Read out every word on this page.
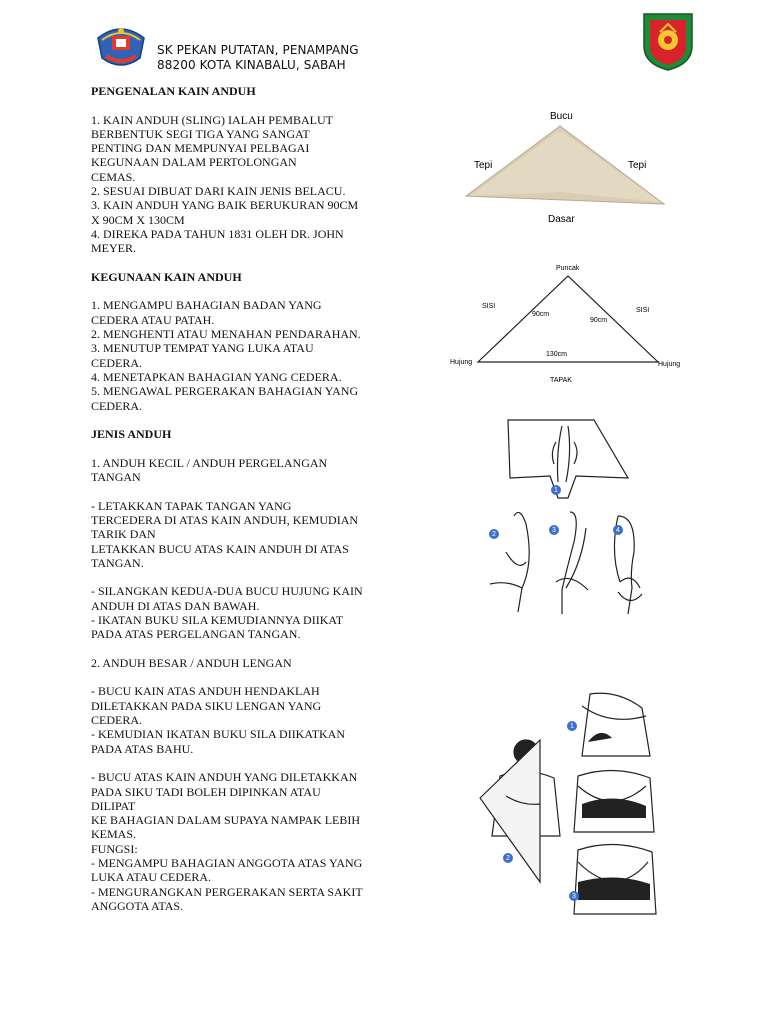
SK PEKAN PUTATAN, PENAMPANG
88200 KOTA KINABALU, SABAH

PENGENALAN KAIN ANDUH

1. KAIN ANDUH (SLING) IALAH PEMBALUT

BERBENTUK SEGI TIGA YANG SANGAT

PENTING DAN MEMPUNYAI PELBAGAI

KEGUNAAN DALAM PERTOLONGAN

CEMAS.

2. SESUAI DIBUAT DARI KAIN JENIS BELACU.

3. KAIN ANDUH YANG BAIK BERUKURAN 90CM

X 90CM X 130CM

4. DIREKA PADA TAHUN 1831 OLEH DR. JOHN

MEYER.

KEGUNAAN KAIN ANDUH

1. MENGAMPU BAHAGIAN BADAN YANG

CEDERA ATAU PATAH.

2. MENGHENTI ATAU MENAHAN PENDARAHAN.

3. MENUTUP TEMPAT YANG LUKA ATAU

CEDERA.

4. MENETAPKAN BAHAGIAN YANG CEDERA.

5. MENGAWAL PERGERAKAN BAHAGIAN YANG

CEDERA.

JENIS ANDUH

1. ANDUH KECIL / ANDUH PERGELANGAN

TANGAN

- LETAKKAN TAPAK TANGAN YANG

TERCEDERA DI ATAS KAIN ANDUH, KEMUDIAN

TARIK DAN

LETAKKAN BUCU ATAS KAIN ANDUH DI ATAS

TANGAN.

- SILANGKAN KEDUA-DUA BUCU HUJUNG KAIN

ANDUH DI ATAS DAN BAWAH.

- IKATAN BUKU SILA KEMUDIANNYA DIIKAT

PADA ATAS PERGELANGAN TANGAN.

2. ANDUH BESAR / ANDUH LENGAN

- BUCU KAIN ATAS ANDUH HENDAKLAH

DILETAKKAN PADA SIKU LENGAN YANG

CEDERA.

- KEMUDIAN IKATAN BUKU SILA DIIKATKAN

PADA ATAS BAHU.

- BUCU ATAS KAIN ANDUH YANG DILETAKKAN

PADA SIKU TADI BOLEH DIPINKAN ATAU

DILIPAT

KE BAHAGIAN DALAM SUPAYA NAMPAK LEBIH

KEMAS.

FUNGSI:

- MENGAMPU BAHAGIAN ANGGOTA ATAS YANG

LUKA ATAU CEDERA.

- MENGURANGKAN PERGERAKAN SERTA SAKIT

ANGGOTA ATAS.

Bucu
Tepi	Tepi
Dasar
Puncak
SISI
SISI
90cm
90cm
130cm
Hujung	Hujung
TAPAK
1
2
3	4
1
2
3
